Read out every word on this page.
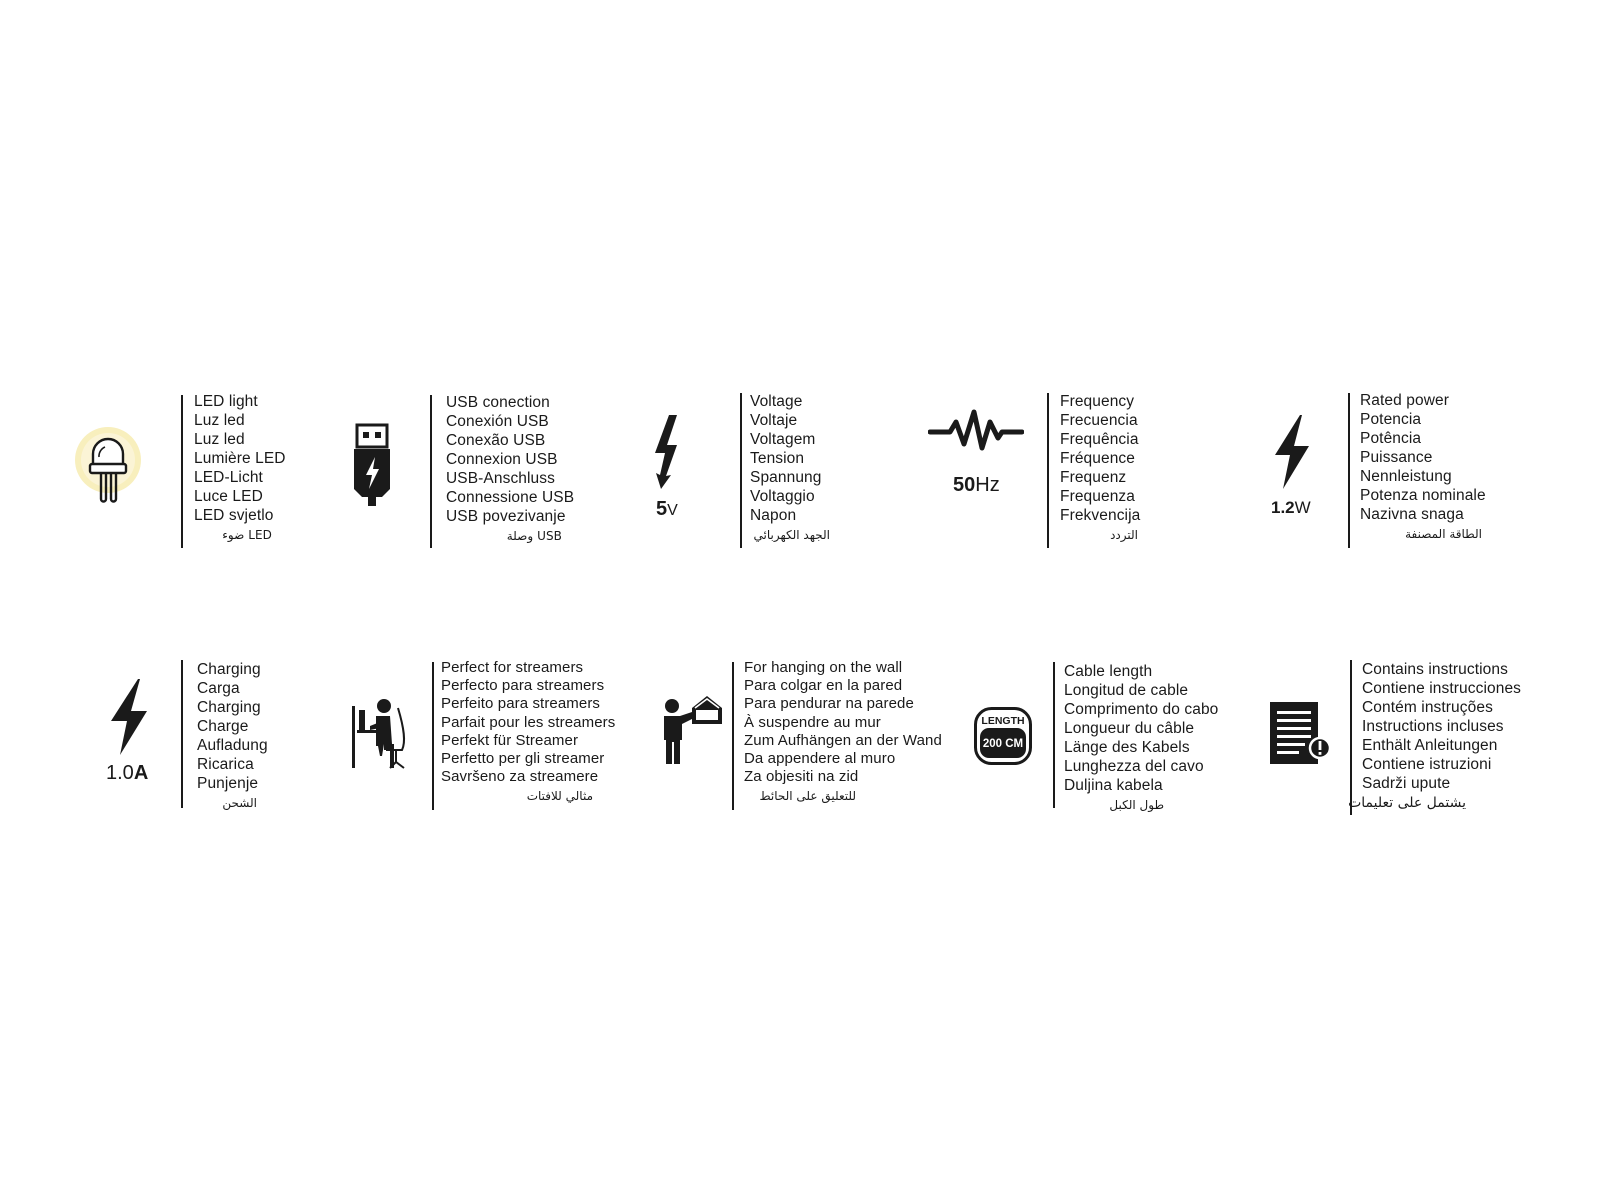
LED light
Luz led
Luz led
Lumière LED
LED-Licht
Luce LED
LED svjetlo
LED ضوء
USB conection
Conexión USB
Conexão USB
Connexion USB
USB-Anschluss
Connessione USB
USB povezivanje
USB وصلة
5V
Voltage
Voltaje
Voltagem
Tension
Spannung
Voltaggio
Napon
الجهد الكهربائي
50Hz
Frequency
Frecuencia
Frequência
Fréquence
Frequenz
Frequenza
Frekvencija
التردد
1.2W
Rated power
Potencia
Potência
Puissance
Nennleistung
Potenza nominale
Nazivna snaga
الطاقة المصنفة
1.0A
Charging
Carga
Charging
Charge
Aufladung
Ricarica
Punjenje
الشحن
Perfect for streamers
Perfecto para streamers
Perfeito para streamers
Parfait pour les streamers
Perfekt für Streamer
Perfetto per gli streamer
Savršeno za streamere
مثالي للافتات
For hanging on the wall
Para colgar en la pared
Para pendurar na parede
À suspendre au mur
Zum Aufhängen an der Wand
Da appendere al muro
Za objesiti na zid
للتعليق على الحائط
LENGTH
200 CM
Cable length
Longitud de cable
Comprimento do cabo
Longueur du câble
Länge des Kabels
Lunghezza del cavo
Duljina kabela
طول الكبل
Contains instructions
Contiene instrucciones
Contém instruções
Instructions incluses
Enthält Anleitungen
Contiene istruzioni
Sadrži upute
يشتمل على تعليمات
